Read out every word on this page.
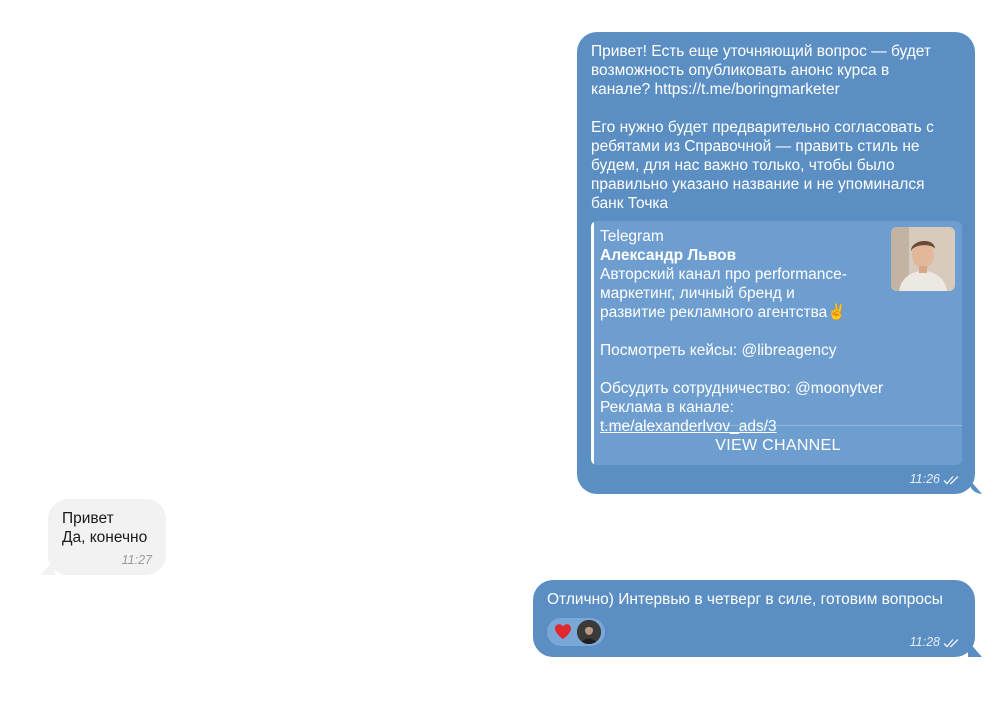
Привет! Есть еще уточняющий вопрос — будет
возможность опубликовать анонс курса в
канале? https://t.me/boringmarketer

Его нужно будет предварительно согласовать с
ребятами из Справочной — править стиль не
будем, для нас важно только, чтобы было
правильно указано название и не упоминался
банк Точка

Telegram
Александр Львов

Авторский канал про performance-
маркетинг, личный бренд и
развитие рекламного агентства✌️

Посмотреть кейсы: @libreagency

Обсудить сотрудничество: @moonytver

Реклама в канале: t.me/alexanderlvov_ads/3

VIEW CHANNEL
11:26

Привет

Да, конечно

11:27

Отлично) Интервью в четверг в силе, готовим вопросы

11:28
